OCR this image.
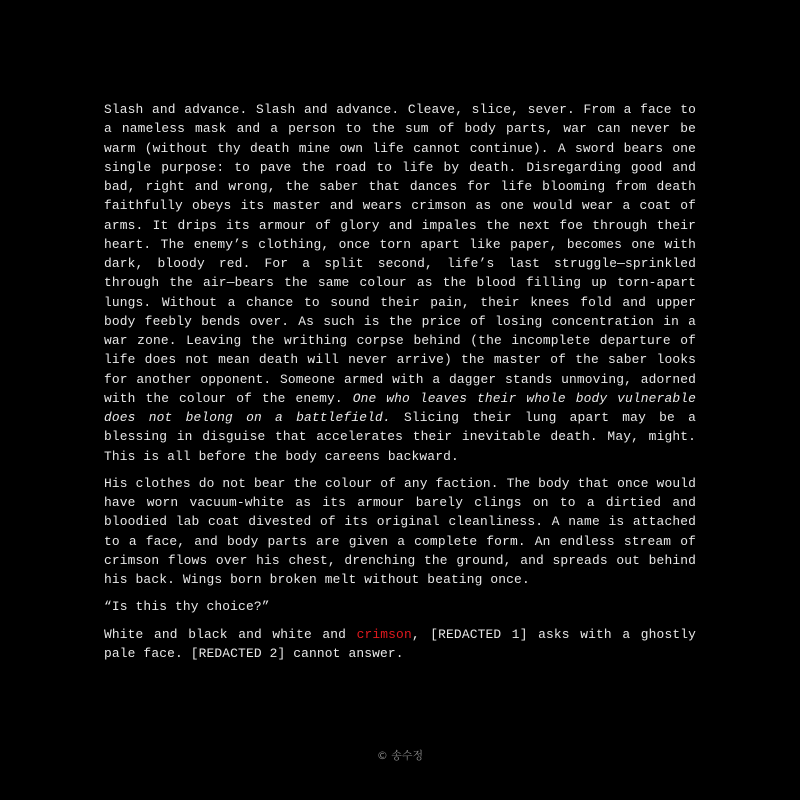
Slash and advance. Slash and advance. Cleave, slice, sever. From a face to a nameless mask and a person to the sum of body parts, war can never be warm (without thy death mine own life cannot continue). A sword bears one single purpose: to pave the road to life by death. Disregarding good and bad, right and wrong, the saber that dances for life blooming from death faithfully obeys its master and wears crimson as one would wear a coat of arms. It drips its armour of glory and impales the next foe through their heart. The enemy’s clothing, once torn apart like paper, becomes one with dark, bloody red. For a split second, life’s last struggle—sprinkled through the air—bears the same colour as the blood filling up torn-apart lungs. Without a chance to sound their pain, their knees fold and upper body feebly bends over. As such is the price of losing concentration in a war zone. Leaving the writhing corpse behind (the incomplete departure of life does not mean death will never arrive) the master of the saber looks for another opponent. Someone armed with a dagger stands unmoving, adorned with the colour of the enemy. One who leaves their whole body vulnerable does not belong on a battlefield. Slicing their lung apart may be a blessing in disguise that accelerates their inevitable death. May, might. This is all before the body careens backward.

His clothes do not bear the colour of any faction. The body that once would have worn vacuum-white as its armour barely clings on to a dirtied and bloodied lab coat divested of its original cleanliness. A name is attached to a face, and body parts are given a complete form. An endless stream of crimson flows over his chest, drenching the ground, and spreads out behind his back. Wings born broken melt without beating once.

“Is this thy choice?”

White and black and white and crimson, [REDACTED 1] asks with a ghostly pale face. [REDACTED 2] cannot answer.

© 송수정
